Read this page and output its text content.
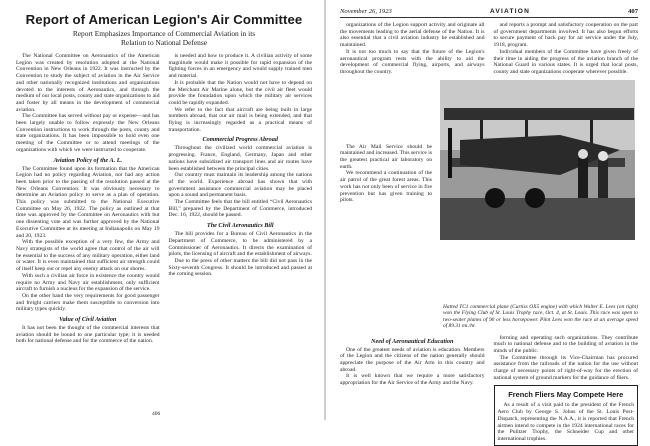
Report of American Legion's Air Committee
Report Emphasizes Importance of Commercial Aviation in its
Relation to National Defense

The National Committee on Aeronautics of the American Legion was created by resolution adopted at the National Convention in New Orleans in 1922. It was instructed by the Convention to study the subject of aviation in the Air Service and other nationally recognized institutions and organizations devoted to the interests of Aeronautics, and through the medium of our local posts, county and state organizations to aid and foster by all means in the development of commercial aviation.

The Committee has served without pay or expense—and has been largely unable to follow expressly the New Orleans Convention instructions to work through the posts, county and state organizations. It has been impossible to hold even one meeting of the Committee or to attend meetings of the organizations with which we were instructed to cooperate.

Aviation Policy of the A. L.

The Committee found upon its formation that the American Legion had no policy regarding Aviation, nor had any action been taken prior to the passing of the resolution passed at the New Orleans Convention. It was obviously necessary to determine an Aviation policy to serve as a plan of operation. This policy was submitted to the National Executive Committee on May 26, 1922. The policy as outlined at that time was approved by the Committee on Aeronautics with but one dissenting vote and was further approved by the National Executive Committee at its meeting at Indianapolis on May 19 and 20, 1923.

With the possible exception of a very few, the Army and Navy strategists of the world agree that control of the air will be essential to the success of any military operation, either land or water. It is even maintained that sufficient air strength could of itself keep out or repel any enemy attack on our shores.

With such a civilian air force in existence the country would require no Army and Navy air establishment, only sufficient aircraft to furnish a nucleus for the expansion of the service.

On the other hand the very requirements for good passenger and freight carriers make them susceptible to conversion into military types quickly.

Value of Civil Aviation

It has not been the thought of the commercial interests that aviation should be bound to one particular type; it is needed both for national defense and for the commerce of the nation.

is needed and how to produce it. A civilian activity of some magnitude would make it possible for rapid expansion of the fighting forces in an emergency and would supply trained men and material.

It is probable that the Nation would not have to depend on the Merchant Air Marine alone, but the civil air fleet would provide the foundation upon which the military air services could be rapidly expanded.

We refer to the fact that aircraft are being built in large numbers abroad, that our air mail is being extended, and that flying is increasingly regarded as a practical means of transportation.

Commercial Progress Abroad

Throughout the civilized world commercial aviation is progressing. France, England, Germany, Japan and other nations have subsidized air transport lines and air routes have been established between the principal cities.

Our country must maintain its leadership among the nations of the world. Experience abroad has shown that with government assistance commercial aviation may be placed upon a sound and permanent basis.

The Committee feels that the bill entitled “Civil Aeronautics Bill,” prepared by the Department of Commerce, introduced Dec. 16, 1922, should be passed.

The Civil Aeronautics Bill

The bill provides for a Bureau of Civil Aeronautics in the Department of Commerce, to be administered by a Commissioner of Aeronautics. It directs the examination of pilots, the licensing of aircraft and the establishment of airways.

Due to the press of other matters the bill did not pass in the Sixty-seventh Congress. It should be introduced and passed at the coming session.

406
November 26, 1923	AVIATION	407

organizations of the Legion support activity and originate all the movements leading to the aerial defense of the Nation. It is also essential that a civil aviation industry be established and maintained.

It is not too much to say that the future of the Legion's aeronautical program rests with the ability to aid the development of commercial flying, airports, and airways throughout the country.

and reports a prompt and satisfactory cooperation on the part of government departments involved. It has also begun efforts to secure payment of back pay for air service under the July, 1918, program.

Individual members of the Committee have given freely of their time in aiding the progress of the aviation branch of the National Guard in various states. It is urged that local posts, county and state organizations cooperate wherever possible.

The Air Mail Service should be maintained and increased. This service is the greatest practical air laboratory on earth.

We recommend a continuation of the air patrol of the great forest areas. This work has not only been of service in fire prevention but has given training to pilots.

Hatted TC1 commercial plane (Curtiss OX5 engine) with which Walter E. Lees (on right) won the Flying Club of St. Louis Trophy race, Oct. 4, at St. Louis. This race was open to two-seater planes of 90 or less horsepower. Pilot Lees won the race at an average speed of 89.31 mi./hr.

Need of Aeronautical Education

One of the greatest needs of aviation is education. Members of the Legion and the citizens of the nation generally should appreciate the purpose of the Air Arm in this country and abroad.

It is well known that we require a more satisfactory appropriation for the Air Service of the Army and the Navy.

forming and operating such organizations. They contribute much to national defense and to the building of aviation in the minds of the public.

The Committee through its Vice-Chairman has procured assistance from the railroads of the nation for the use without charge of necessary points of right-of-way for the erection of national system of ground markers for the guidance of fliers.

French Fliers May Compete Here

As a result of a visit paid to the president of the French Aero Club by George S. Johns of the St. Louis Post-Dispatch, representing the N.A.A., it is reported that French airmen intend to compete in the 1924 international races for the Pulitzer Trophy, the Schneider Cup and other international trophies.
